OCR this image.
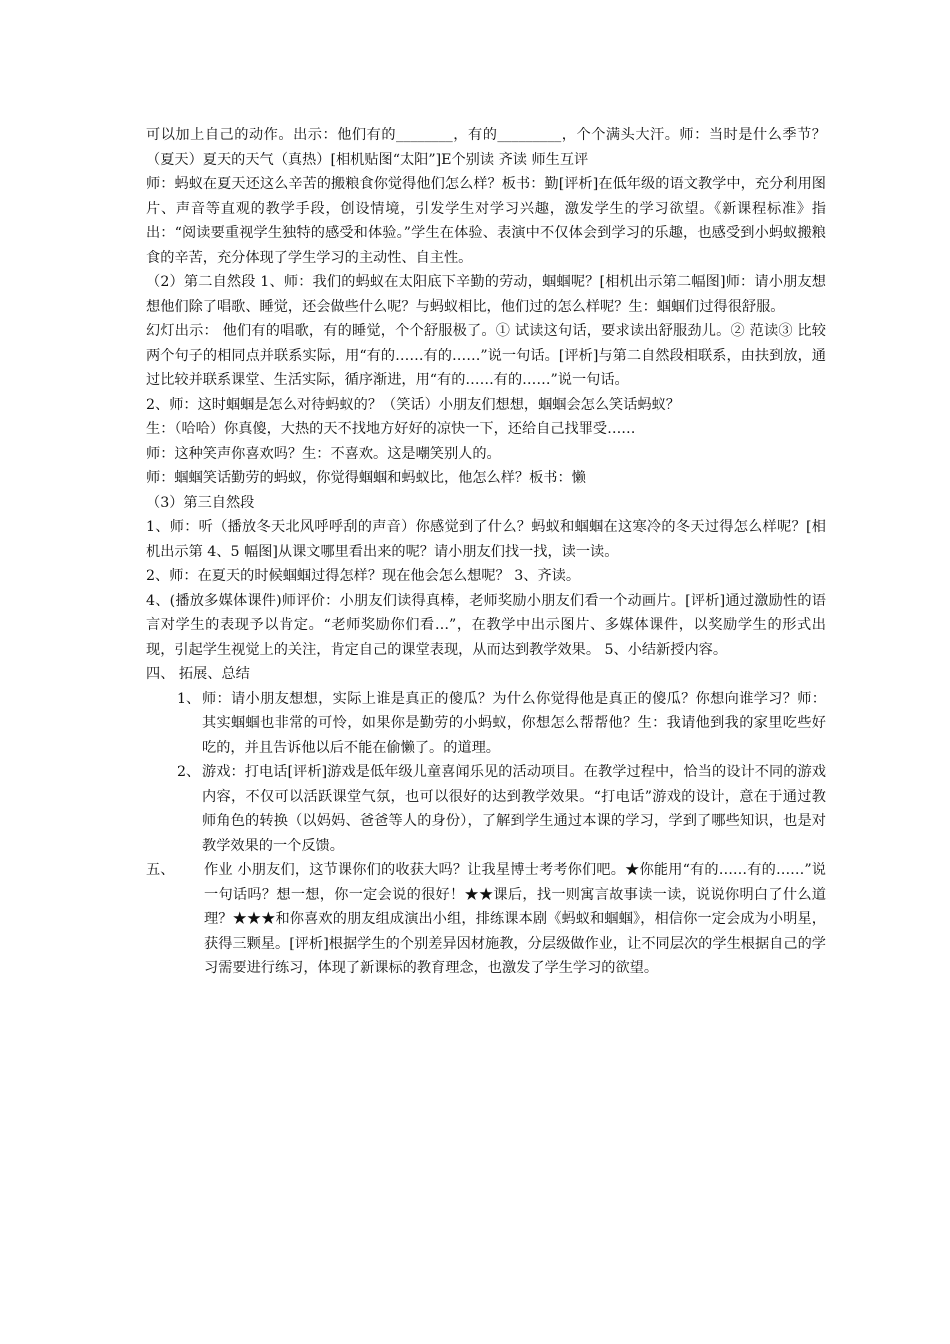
可以加上自己的动作。出示：他们有的________，有的_________，个个满头大汗。师：当时是什么季节？（夏天）夏天的天气（真热）[相机贴图“太阳”]E个别读 齐读 师生互评

师：蚂蚁在夏天还这么辛苦的搬粮食你觉得他们怎么样？板书：勤[评析]在低年级的语文教学中，充分利用图片、声音等直观的教学手段，创设情境，引发学生对学习兴趣，激发学生的学习欲望。《新课程标准》指出：“阅读要重视学生独特的感受和体验。”学生在体验、表演中不仅体会到学习的乐趣，也感受到小蚂蚁搬粮食的辛苦，充分体现了学生学习的主动性、自主性。

（2）第二自然段 1、师：我们的蚂蚁在太阳底下辛勤的劳动，蝈蝈呢？[相机出示第二幅图]师：请小朋友想想他们除了唱歌、睡觉，还会做些什么呢？与蚂蚁相比，他们过的怎么样呢？生：蝈蝈们过得很舒服。

幻灯出示： 他们有的唱歌，有的睡觉，个个舒服极了。① 试读这句话，要求读出舒服劲儿。② 范读③ 比较两个句子的相同点并联系实际，用“有的……有的……”说一句话。[评析]与第二自然段相联系，由扶到放，通过比较并联系课堂、生活实际，循序渐进，用“有的……有的……”说一句话。

2、师：这时蝈蝈是怎么对待蚂蚁的？（笑话）小朋友们想想，蝈蝈会怎么笑话蚂蚁？

生：（哈哈）你真傻，大热的天不找地方好好的凉快一下，还给自己找罪受……

师：这种笑声你喜欢吗？生：不喜欢。这是嘲笑别人的。

师：蝈蝈笑话勤劳的蚂蚁，你觉得蝈蝈和蚂蚁比，他怎么样？板书：懒

（3）第三自然段

1、师：听（播放冬天北风呼呼刮的声音）你感觉到了什么？蚂蚁和蝈蝈在这寒冷的冬天过得怎么样呢？[相机出示第 4、5 幅图]从课文哪里看出来的呢？请小朋友们找一找，读一读。

2、师：在夏天的时候蝈蝈过得怎样？现在他会怎么想呢？ 3、齐读。

4、(播放多媒体课件)师评价：小朋友们读得真棒，老师奖励小朋友们看一个动画片。[评析]通过激励性的语言对学生的表现予以肯定。“老师奖励你们看…”，在教学中出示图片、多媒体课件，以奖励学生的形式出现，引起学生视觉上的关注，肯定自己的课堂表现，从而达到教学效果。 5、小结新授内容。

四、 拓展、总结

1、 师：请小朋友想想，实际上谁是真正的傻瓜？为什么你觉得他是真正的傻瓜？你想向谁学习？师：其实蝈蝈也非常的可怜，如果你是勤劳的小蚂蚁，你想怎么帮帮他？生：我请他到我的家里吃些好吃的，并且告诉他以后不能在偷懒了。的道理。
2、 游戏：打电话[评析]游戏是低年级儿童喜闻乐见的活动项目。在教学过程中，恰当的设计不同的游戏内容，不仅可以活跃课堂气氛，也可以很好的达到教学效果。“打电话”游戏的设计，意在于通过教师角色的转换（以妈妈、爸爸等人的身份），了解到学生通过本课的学习，学到了哪些知识，也是对教学效果的一个反馈。
五、 作业 小朋友们，这节课你们的收获大吗？让我星博士考考你们吧。★你能用“有的……有的……”说一句话吗？想一想，你一定会说的很好！★★课后，找一则寓言故事读一读，说说你明白了什么道理？★★★和你喜欢的朋友组成演出小组，排练课本剧《蚂蚁和蝈蝈》，相信你一定会成为小明星，获得三颗星。[评析]根据学生的个别差异因材施教，分层级做作业，让不同层次的学生根据自己的学习需要进行练习，体现了新课标的教育理念，也激发了学生学习的欲望。
